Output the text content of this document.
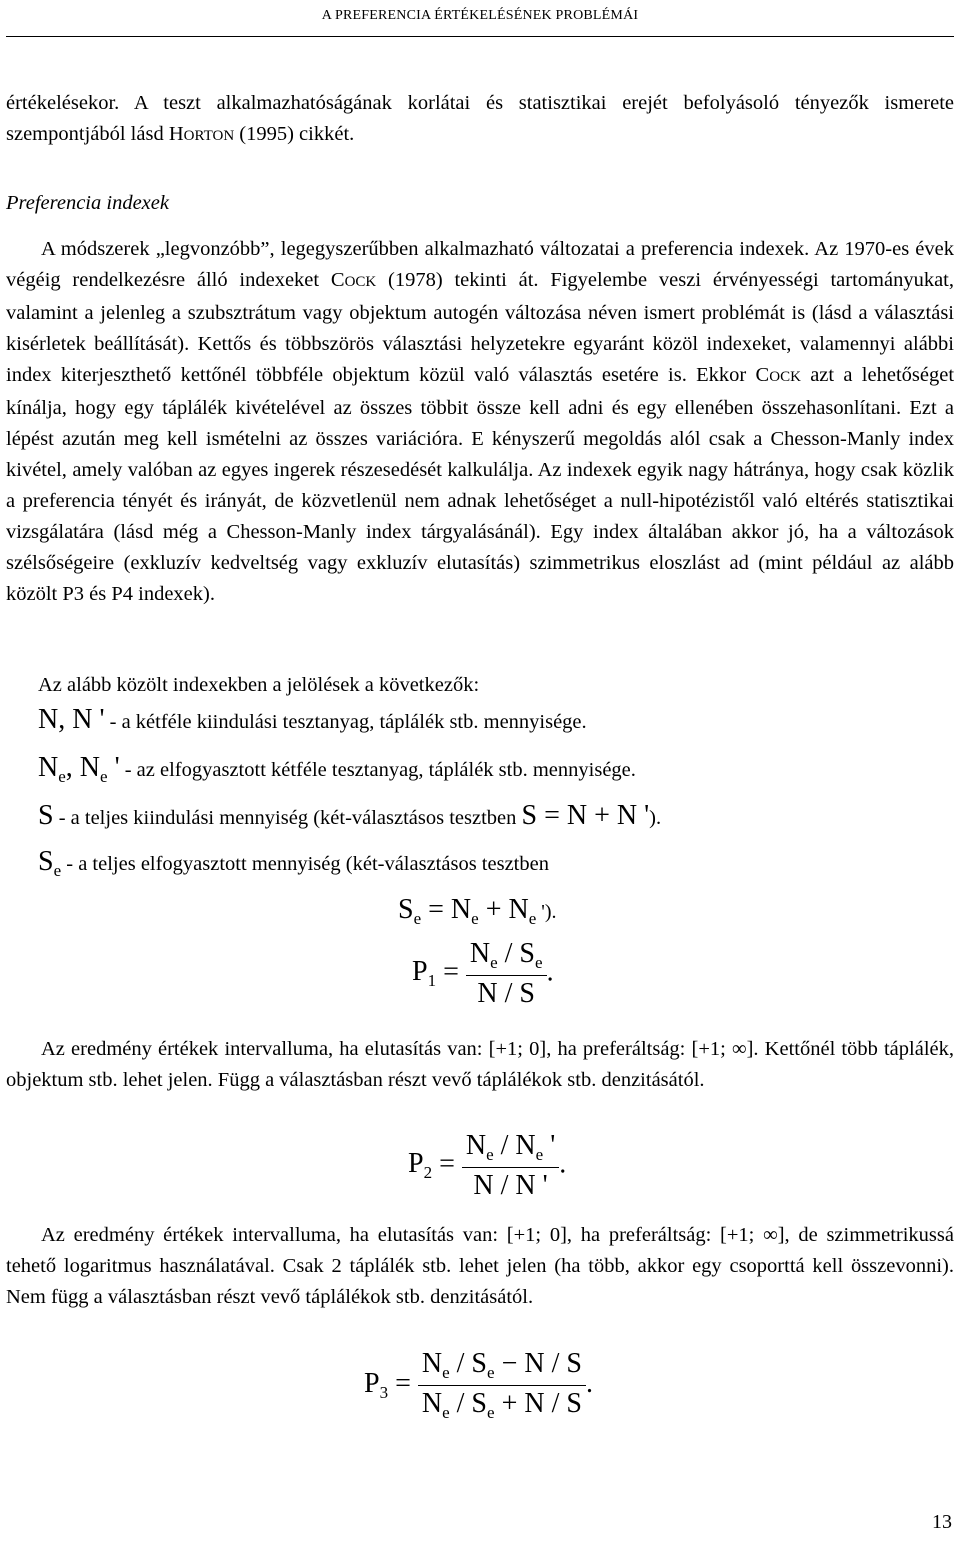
A PREFERENCIA ÉRTÉKELÉSÉNEK PROBLÉMÁI

értékelésekor. A teszt alkalmazhatóságának korlátai és statisztikai erejét befolyásoló tényezők ismerete szempontjából lásd HORTON (1995) cikkét.

Preferencia indexek

A módszerek „legvonzóbb”, legegyszerűbben alkalmazható változatai a preferencia indexek. Az 1970-es évek végéig rendelkezésre álló indexeket COCK (1978) tekinti át. Figyelembe veszi érvényességi tartományukat, valamint a jelenleg a szubsztrátum vagy objektum autogén változása néven ismert problémát is (lásd a választási kisérletek beállítását). Kettős és többszörös választási helyzetekre egyaránt közöl indexeket, valamennyi alábbi index kiterjeszthető kettőnél többféle objektum közül való választás esetére is. Ekkor COCK azt a lehetőséget kínálja, hogy egy táplálék kivételével az összes többit össze kell adni és egy ellenében összehasonlítani. Ezt a lépést azután meg kell ismételni az összes variációra. E kényszerű megoldás alól csak a Chesson-Manly index kivétel, amely valóban az egyes ingerek részesedését kalkulálja. Az indexek egyik nagy hátránya, hogy csak közlik a preferencia tényét és irányát, de közvetlenül nem adnak lehetőséget a null-hipotézistől való eltérés statisztikai vizsgálatára (lásd még a Chesson-Manly index tárgyalásánál). Egy index általában akkor jó, ha a változások szélsőségeire (exkluzív kedveltség vagy exkluzív elutasítás) szimmetrikus eloszlást ad (mint például az alább közölt P3 és P4 indexek).

Az alább közölt indexekben a jelölések a következők:
N, N ' - a kétféle kiindulási tesztanyag, táplálék stb. mennyisége.
$N_e$, $N_e$ ' - az elfogyasztott kétféle tesztanyag, táplálék stb. mennyisége.
S - a teljes kiindulási mennyiség (két-választásos tesztben S = N + N ').
$S_e$ - a teljes elfogyasztott mennyiség (két-választásos tesztben
$S_e = N_e + N_e$ ').
$P_1 = \frac{N_e / S_e}{N / S}$ .

Az eredmény értékek intervalluma, ha elutasítás van: [+1; 0], ha preferáltság: [+1; ∞]. Kettőnél több táplálék, objektum stb. lehet jelen. Függ a választásban részt vevő táplálékok stb. denzitásától.

$P_2 = \frac{N_e / N_e '}{N / N '}$ .

Az eredmény értékek intervalluma, ha elutasítás van: [+1; 0], ha preferáltság: [+1; ∞], de szimmetrikussá tehető logaritmus használatával. Csak 2 táplálék stb. lehet jelen (ha több, akkor egy csoporttá kell összevonni). Nem függ a választásban részt vevő táplálékok stb. denzitásától.

$P_3 = \frac{N_e / S_e - N / S}{N_e / S_e + N / S}$ .
13
